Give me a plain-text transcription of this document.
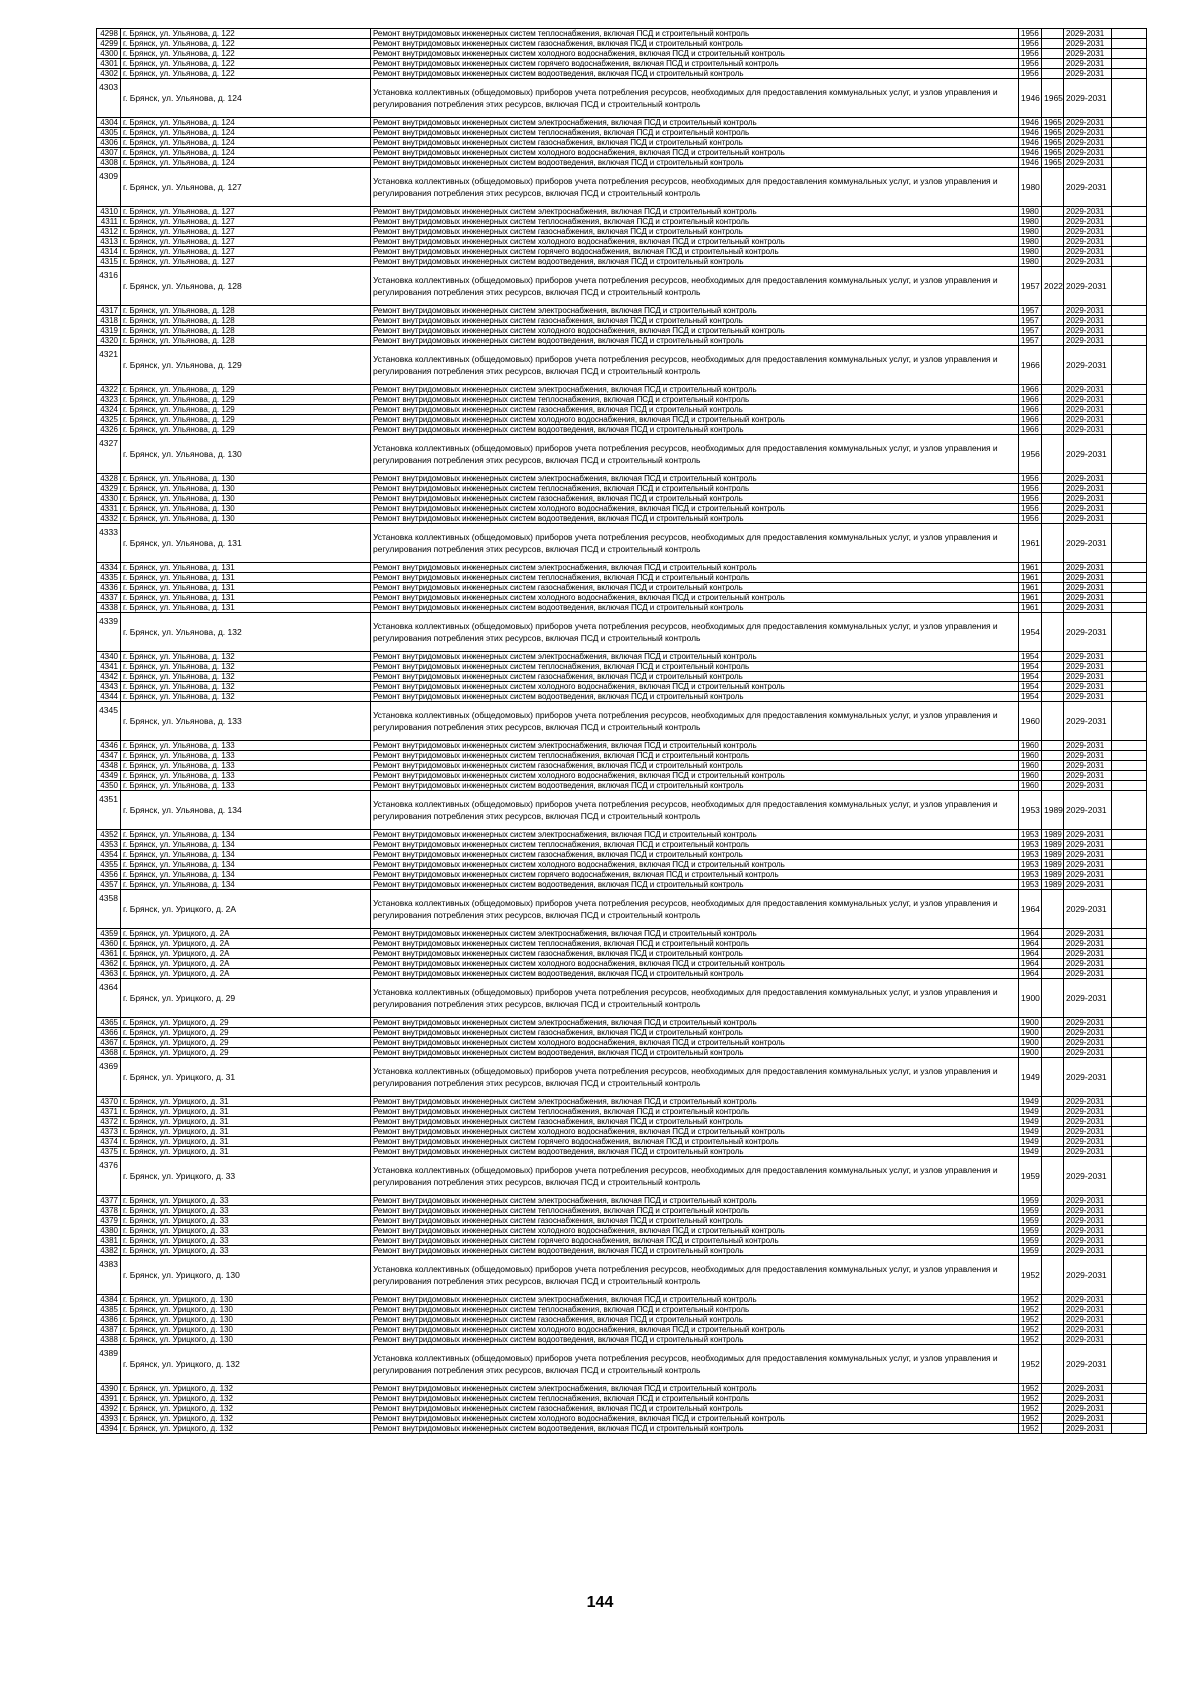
4298	г. Брянск, ул. Ульянова, д. 122	Ремонт внутридомовых инженерных систем теплоснабжения, включая ПСД и строительный контроль	1956		2029-2031	
4299	г. Брянск, ул. Ульянова, д. 122	Ремонт внутридомовых инженерных систем газоснабжения, включая ПСД и строительный контроль	1956		2029-2031	
4300	г. Брянск, ул. Ульянова, д. 122	Ремонт внутридомовых инженерных систем холодного водоснабжения, включая ПСД и строительный контроль	1956		2029-2031	
4301	г. Брянск, ул. Ульянова, д. 122	Ремонт внутридомовых инженерных систем горячего водоснабжения, включая ПСД и строительный контроль	1956		2029-2031	
4302	г. Брянск, ул. Ульянова, д. 122	Ремонт внутридомовых инженерных систем водоотведения, включая ПСД и строительный контроль	1956		2029-2031	
4303	г. Брянск, ул. Ульянова, д. 124	Установка коллективных (общедомовых) приборов учета потребления ресурсов, необходимых для предоставления коммунальных услуг, и узлов управления и регулирования потребления этих ресурсов, включая ПСД и строительный контроль	1946	1965	2029-2031	
4304	г. Брянск, ул. Ульянова, д. 124	Ремонт внутридомовых инженерных систем электроснабжения, включая ПСД и строительный контроль	1946	1965	2029-2031	
4305	г. Брянск, ул. Ульянова, д. 124	Ремонт внутридомовых инженерных систем теплоснабжения, включая ПСД и строительный контроль	1946	1965	2029-2031	
4306	г. Брянск, ул. Ульянова, д. 124	Ремонт внутридомовых инженерных систем газоснабжения, включая ПСД и строительный контроль	1946	1965	2029-2031	
4307	г. Брянск, ул. Ульянова, д. 124	Ремонт внутридомовых инженерных систем холодного водоснабжения, включая ПСД и строительный контроль	1946	1965	2029-2031	
4308	г. Брянск, ул. Ульянова, д. 124	Ремонт внутридомовых инженерных систем водоотведения, включая ПСД и строительный контроль	1946	1965	2029-2031	
4309	г. Брянск, ул. Ульянова, д. 127	Установка коллективных (общедомовых) приборов учета потребления ресурсов, необходимых для предоставления коммунальных услуг, и узлов управления и регулирования потребления этих ресурсов, включая ПСД и строительный контроль	1980		2029-2031	
4310	г. Брянск, ул. Ульянова, д. 127	Ремонт внутридомовых инженерных систем электроснабжения, включая ПСД и строительный контроль	1980		2029-2031	
4311	г. Брянск, ул. Ульянова, д. 127	Ремонт внутридомовых инженерных систем теплоснабжения, включая ПСД и строительный контроль	1980		2029-2031	
4312	г. Брянск, ул. Ульянова, д. 127	Ремонт внутридомовых инженерных систем газоснабжения, включая ПСД и строительный контроль	1980		2029-2031	
4313	г. Брянск, ул. Ульянова, д. 127	Ремонт внутридомовых инженерных систем холодного водоснабжения, включая ПСД и строительный контроль	1980		2029-2031	
4314	г. Брянск, ул. Ульянова, д. 127	Ремонт внутридомовых инженерных систем горячего водоснабжения, включая ПСД и строительный контроль	1980		2029-2031	
4315	г. Брянск, ул. Ульянова, д. 127	Ремонт внутридомовых инженерных систем водоотведения, включая ПСД и строительный контроль	1980		2029-2031	
4316	г. Брянск, ул. Ульянова, д. 128	Установка коллективных (общедомовых) приборов учета потребления ресурсов, необходимых для предоставления коммунальных услуг, и узлов управления и регулирования потребления этих ресурсов, включая ПСД и строительный контроль	1957	2022	2029-2031	
4317	г. Брянск, ул. Ульянова, д. 128	Ремонт внутридомовых инженерных систем электроснабжения, включая ПСД и строительный контроль	1957		2029-2031	
4318	г. Брянск, ул. Ульянова, д. 128	Ремонт внутридомовых инженерных систем газоснабжения, включая ПСД и строительный контроль	1957		2029-2031	
4319	г. Брянск, ул. Ульянова, д. 128	Ремонт внутридомовых инженерных систем холодного водоснабжения, включая ПСД и строительный контроль	1957		2029-2031	
4320	г. Брянск, ул. Ульянова, д. 128	Ремонт внутридомовых инженерных систем водоотведения, включая ПСД и строительный контроль	1957		2029-2031	
4321	г. Брянск, ул. Ульянова, д. 129	Установка коллективных (общедомовых) приборов учета потребления ресурсов, необходимых для предоставления коммунальных услуг, и узлов управления и регулирования потребления этих ресурсов, включая ПСД и строительный контроль	1966		2029-2031	
4322	г. Брянск, ул. Ульянова, д. 129	Ремонт внутридомовых инженерных систем электроснабжения, включая ПСД и строительный контроль	1966		2029-2031	
4323	г. Брянск, ул. Ульянова, д. 129	Ремонт внутридомовых инженерных систем теплоснабжения, включая ПСД и строительный контроль	1966		2029-2031	
4324	г. Брянск, ул. Ульянова, д. 129	Ремонт внутридомовых инженерных систем газоснабжения, включая ПСД и строительный контроль	1966		2029-2031	
4325	г. Брянск, ул. Ульянова, д. 129	Ремонт внутридомовых инженерных систем холодного водоснабжения, включая ПСД и строительный контроль	1966		2029-2031	
4326	г. Брянск, ул. Ульянова, д. 129	Ремонт внутридомовых инженерных систем водоотведения, включая ПСД и строительный контроль	1966		2029-2031	
4327	г. Брянск, ул. Ульянова, д. 130	Установка коллективных (общедомовых) приборов учета потребления ресурсов, необходимых для предоставления коммунальных услуг, и узлов управления и регулирования потребления этих ресурсов, включая ПСД и строительный контроль	1956		2029-2031	
4328	г. Брянск, ул. Ульянова, д. 130	Ремонт внутридомовых инженерных систем электроснабжения, включая ПСД и строительный контроль	1956		2029-2031	
4329	г. Брянск, ул. Ульянова, д. 130	Ремонт внутридомовых инженерных систем теплоснабжения, включая ПСД и строительный контроль	1956		2029-2031	
4330	г. Брянск, ул. Ульянова, д. 130	Ремонт внутридомовых инженерных систем газоснабжения, включая ПСД и строительный контроль	1956		2029-2031	
4331	г. Брянск, ул. Ульянова, д. 130	Ремонт внутридомовых инженерных систем холодного водоснабжения, включая ПСД и строительный контроль	1956		2029-2031	
4332	г. Брянск, ул. Ульянова, д. 130	Ремонт внутридомовых инженерных систем водоотведения, включая ПСД и строительный контроль	1956		2029-2031	
4333	г. Брянск, ул. Ульянова, д. 131	Установка коллективных (общедомовых) приборов учета потребления ресурсов, необходимых для предоставления коммунальных услуг, и узлов управления и регулирования потребления этих ресурсов, включая ПСД и строительный контроль	1961		2029-2031	
4334	г. Брянск, ул. Ульянова, д. 131	Ремонт внутридомовых инженерных систем электроснабжения, включая ПСД и строительный контроль	1961		2029-2031	
4335	г. Брянск, ул. Ульянова, д. 131	Ремонт внутридомовых инженерных систем теплоснабжения, включая ПСД и строительный контроль	1961		2029-2031	
4336	г. Брянск, ул. Ульянова, д. 131	Ремонт внутридомовых инженерных систем газоснабжения, включая ПСД и строительный контроль	1961		2029-2031	
4337	г. Брянск, ул. Ульянова, д. 131	Ремонт внутридомовых инженерных систем холодного водоснабжения, включая ПСД и строительный контроль	1961		2029-2031	
4338	г. Брянск, ул. Ульянова, д. 131	Ремонт внутридомовых инженерных систем водоотведения, включая ПСД и строительный контроль	1961		2029-2031	
4339	г. Брянск, ул. Ульянова, д. 132	Установка коллективных (общедомовых) приборов учета потребления ресурсов, необходимых для предоставления коммунальных услуг, и узлов управления и регулирования потребления этих ресурсов, включая ПСД и строительный контроль	1954		2029-2031	
4340	г. Брянск, ул. Ульянова, д. 132	Ремонт внутридомовых инженерных систем электроснабжения, включая ПСД и строительный контроль	1954		2029-2031	
4341	г. Брянск, ул. Ульянова, д. 132	Ремонт внутридомовых инженерных систем теплоснабжения, включая ПСД и строительный контроль	1954		2029-2031	
4342	г. Брянск, ул. Ульянова, д. 132	Ремонт внутридомовых инженерных систем газоснабжения, включая ПСД и строительный контроль	1954		2029-2031	
4343	г. Брянск, ул. Ульянова, д. 132	Ремонт внутридомовых инженерных систем холодного водоснабжения, включая ПСД и строительный контроль	1954		2029-2031	
4344	г. Брянск, ул. Ульянова, д. 132	Ремонт внутридомовых инженерных систем водоотведения, включая ПСД и строительный контроль	1954		2029-2031	
4345	г. Брянск, ул. Ульянова, д. 133	Установка коллективных (общедомовых) приборов учета потребления ресурсов, необходимых для предоставления коммунальных услуг, и узлов управления и регулирования потребления этих ресурсов, включая ПСД и строительный контроль	1960		2029-2031	
4346	г. Брянск, ул. Ульянова, д. 133	Ремонт внутридомовых инженерных систем электроснабжения, включая ПСД и строительный контроль	1960		2029-2031	
4347	г. Брянск, ул. Ульянова, д. 133	Ремонт внутридомовых инженерных систем теплоснабжения, включая ПСД и строительный контроль	1960		2029-2031	
4348	г. Брянск, ул. Ульянова, д. 133	Ремонт внутридомовых инженерных систем газоснабжения, включая ПСД и строительный контроль	1960		2029-2031	
4349	г. Брянск, ул. Ульянова, д. 133	Ремонт внутридомовых инженерных систем холодного водоснабжения, включая ПСД и строительный контроль	1960		2029-2031	
4350	г. Брянск, ул. Ульянова, д. 133	Ремонт внутридомовых инженерных систем водоотведения, включая ПСД и строительный контроль	1960		2029-2031	
4351	г. Брянск, ул. Ульянова, д. 134	Установка коллективных (общедомовых) приборов учета потребления ресурсов, необходимых для предоставления коммунальных услуг, и узлов управления и регулирования потребления этих ресурсов, включая ПСД и строительный контроль	1953	1989	2029-2031	
4352	г. Брянск, ул. Ульянова, д. 134	Ремонт внутридомовых инженерных систем электроснабжения, включая ПСД и строительный контроль	1953	1989	2029-2031	
4353	г. Брянск, ул. Ульянова, д. 134	Ремонт внутридомовых инженерных систем теплоснабжения, включая ПСД и строительный контроль	1953	1989	2029-2031	
4354	г. Брянск, ул. Ульянова, д. 134	Ремонт внутридомовых инженерных систем газоснабжения, включая ПСД и строительный контроль	1953	1989	2029-2031	
4355	г. Брянск, ул. Ульянова, д. 134	Ремонт внутридомовых инженерных систем холодного водоснабжения, включая ПСД и строительный контроль	1953	1989	2029-2031	
4356	г. Брянск, ул. Ульянова, д. 134	Ремонт внутридомовых инженерных систем горячего водоснабжения, включая ПСД и строительный контроль	1953	1989	2029-2031	
4357	г. Брянск, ул. Ульянова, д. 134	Ремонт внутридомовых инженерных систем водоотведения, включая ПСД и строительный контроль	1953	1989	2029-2031	
4358	г. Брянск, ул. Урицкого, д. 2А	Установка коллективных (общедомовых) приборов учета потребления ресурсов, необходимых для предоставления коммунальных услуг, и узлов управления и регулирования потребления этих ресурсов, включая ПСД и строительный контроль	1964		2029-2031	
4359	г. Брянск, ул. Урицкого, д. 2А	Ремонт внутридомовых инженерных систем электроснабжения, включая ПСД и строительный контроль	1964		2029-2031	
4360	г. Брянск, ул. Урицкого, д. 2А	Ремонт внутридомовых инженерных систем теплоснабжения, включая ПСД и строительный контроль	1964		2029-2031	
4361	г. Брянск, ул. Урицкого, д. 2А	Ремонт внутридомовых инженерных систем газоснабжения, включая ПСД и строительный контроль	1964		2029-2031	
4362	г. Брянск, ул. Урицкого, д. 2А	Ремонт внутридомовых инженерных систем холодного водоснабжения, включая ПСД и строительный контроль	1964		2029-2031	
4363	г. Брянск, ул. Урицкого, д. 2А	Ремонт внутридомовых инженерных систем водоотведения, включая ПСД и строительный контроль	1964		2029-2031	
4364	г. Брянск, ул. Урицкого, д. 29	Установка коллективных (общедомовых) приборов учета потребления ресурсов, необходимых для предоставления коммунальных услуг, и узлов управления и регулирования потребления этих ресурсов, включая ПСД и строительный контроль	1900		2029-2031	
4365	г. Брянск, ул. Урицкого, д. 29	Ремонт внутридомовых инженерных систем электроснабжения, включая ПСД и строительный контроль	1900		2029-2031	
4366	г. Брянск, ул. Урицкого, д. 29	Ремонт внутридомовых инженерных систем газоснабжения, включая ПСД и строительный контроль	1900		2029-2031	
4367	г. Брянск, ул. Урицкого, д. 29	Ремонт внутридомовых инженерных систем холодного водоснабжения, включая ПСД и строительный контроль	1900		2029-2031	
4368	г. Брянск, ул. Урицкого, д. 29	Ремонт внутридомовых инженерных систем водоотведения, включая ПСД и строительный контроль	1900		2029-2031	
4369	г. Брянск, ул. Урицкого, д. 31	Установка коллективных (общедомовых) приборов учета потребления ресурсов, необходимых для предоставления коммунальных услуг, и узлов управления и регулирования потребления этих ресурсов, включая ПСД и строительный контроль	1949		2029-2031	
4370	г. Брянск, ул. Урицкого, д. 31	Ремонт внутридомовых инженерных систем электроснабжения, включая ПСД и строительный контроль	1949		2029-2031	
4371	г. Брянск, ул. Урицкого, д. 31	Ремонт внутридомовых инженерных систем теплоснабжения, включая ПСД и строительный контроль	1949		2029-2031	
4372	г. Брянск, ул. Урицкого, д. 31	Ремонт внутридомовых инженерных систем газоснабжения, включая ПСД и строительный контроль	1949		2029-2031	
4373	г. Брянск, ул. Урицкого, д. 31	Ремонт внутридомовых инженерных систем холодного водоснабжения, включая ПСД и строительный контроль	1949		2029-2031	
4374	г. Брянск, ул. Урицкого, д. 31	Ремонт внутридомовых инженерных систем горячего водоснабжения, включая ПСД и строительный контроль	1949		2029-2031	
4375	г. Брянск, ул. Урицкого, д. 31	Ремонт внутридомовых инженерных систем водоотведения, включая ПСД и строительный контроль	1949		2029-2031	
4376	г. Брянск, ул. Урицкого, д. 33	Установка коллективных (общедомовых) приборов учета потребления ресурсов, необходимых для предоставления коммунальных услуг, и узлов управления и регулирования потребления этих ресурсов, включая ПСД и строительный контроль	1959		2029-2031	
4377	г. Брянск, ул. Урицкого, д. 33	Ремонт внутридомовых инженерных систем электроснабжения, включая ПСД и строительный контроль	1959		2029-2031	
4378	г. Брянск, ул. Урицкого, д. 33	Ремонт внутридомовых инженерных систем теплоснабжения, включая ПСД и строительный контроль	1959		2029-2031	
4379	г. Брянск, ул. Урицкого, д. 33	Ремонт внутридомовых инженерных систем газоснабжения, включая ПСД и строительный контроль	1959		2029-2031	
4380	г. Брянск, ул. Урицкого, д. 33	Ремонт внутридомовых инженерных систем холодного водоснабжения, включая ПСД и строительный контроль	1959		2029-2031	
4381	г. Брянск, ул. Урицкого, д. 33	Ремонт внутридомовых инженерных систем горячего водоснабжения, включая ПСД и строительный контроль	1959		2029-2031	
4382	г. Брянск, ул. Урицкого, д. 33	Ремонт внутридомовых инженерных систем водоотведения, включая ПСД и строительный контроль	1959		2029-2031	
4383	г. Брянск, ул. Урицкого, д. 130	Установка коллективных (общедомовых) приборов учета потребления ресурсов, необходимых для предоставления коммунальных услуг, и узлов управления и регулирования потребления этих ресурсов, включая ПСД и строительный контроль	1952		2029-2031	
4384	г. Брянск, ул. Урицкого, д. 130	Ремонт внутридомовых инженерных систем электроснабжения, включая ПСД и строительный контроль	1952		2029-2031	
4385	г. Брянск, ул. Урицкого, д. 130	Ремонт внутридомовых инженерных систем теплоснабжения, включая ПСД и строительный контроль	1952		2029-2031	
4386	г. Брянск, ул. Урицкого, д. 130	Ремонт внутридомовых инженерных систем газоснабжения, включая ПСД и строительный контроль	1952		2029-2031	
4387	г. Брянск, ул. Урицкого, д. 130	Ремонт внутридомовых инженерных систем холодного водоснабжения, включая ПСД и строительный контроль	1952		2029-2031	
4388	г. Брянск, ул. Урицкого, д. 130	Ремонт внутридомовых инженерных систем водоотведения, включая ПСД и строительный контроль	1952		2029-2031	
4389	г. Брянск, ул. Урицкого, д. 132	Установка коллективных (общедомовых) приборов учета потребления ресурсов, необходимых для предоставления коммунальных услуг, и узлов управления и регулирования потребления этих ресурсов, включая ПСД и строительный контроль	1952		2029-2031	
4390	г. Брянск, ул. Урицкого, д. 132	Ремонт внутридомовых инженерных систем электроснабжения, включая ПСД и строительный контроль	1952		2029-2031	
4391	г. Брянск, ул. Урицкого, д. 132	Ремонт внутридомовых инженерных систем теплоснабжения, включая ПСД и строительный контроль	1952		2029-2031	
4392	г. Брянск, ул. Урицкого, д. 132	Ремонт внутридомовых инженерных систем газоснабжения, включая ПСД и строительный контроль	1952		2029-2031	
4393	г. Брянск, ул. Урицкого, д. 132	Ремонт внутридомовых инженерных систем холодного водоснабжения, включая ПСД и строительный контроль	1952		2029-2031	
4394	г. Брянск, ул. Урицкого, д. 132	Ремонт внутридомовых инженерных систем водоотведения, включая ПСД и строительный контроль	1952		2029-2031	
144
